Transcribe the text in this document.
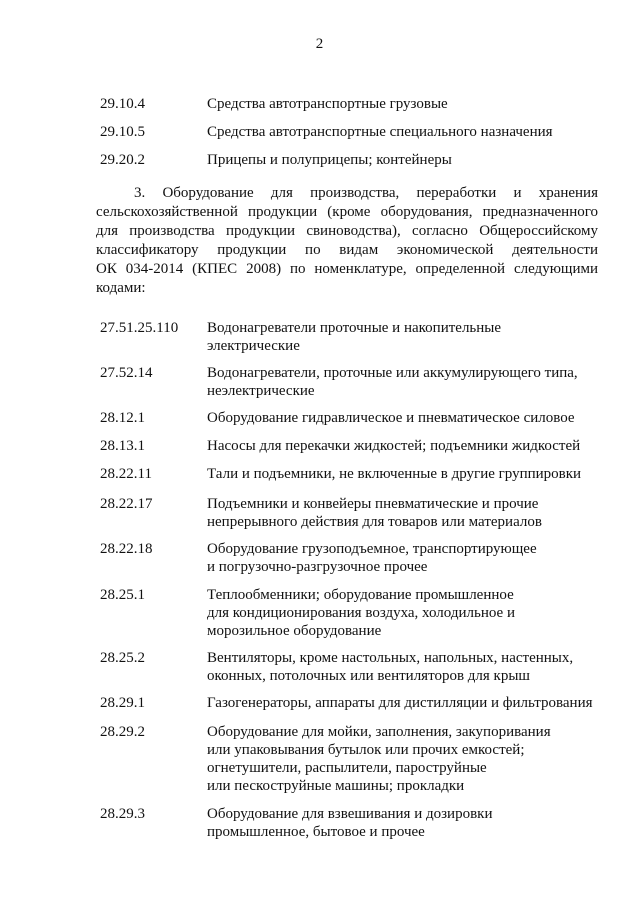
2
29.10.4	Средства автотранспортные грузовые
29.10.5	Средства автотранспортные специального назначения
29.20.2	Прицепы и полуприцепы; контейнеры
3. Оборудование для производства, переработки и хранения
сельскохозяйственной продукции (кроме оборудования, предназначенного
для производства продукции свиноводства), согласно Общероссийскому
классификатору продукции по видам экономической деятельности
ОК 034-2014 (КПЕС 2008) по номенклатуре, определенной следующими
кодами:
27.51.25.110 Водонагреватели проточные и накопительные
электрические
27.52.14	Водонагреватели, проточные или аккумулирующего типа,
неэлектрические
28.12.1	Оборудование гидравлическое и пневматическое силовое
28.13.1	Насосы для перекачки жидкостей; подъемники жидкостей
28.22.11	Тали и подъемники, не включенные в другие группировки
28.22.17	Подъемники и конвейеры пневматические и прочие
непрерывного действия для товаров или материалов
28.22.18	Оборудование грузоподъемное, транспортирующее
и погрузочно-разгрузочное прочее
28.25.1	Теплообменники; оборудование промышленное
для кондиционирования воздуха, холодильное и
морозильное оборудование
28.25.2	Вентиляторы, кроме настольных, напольных, настенных,
оконных, потолочных или вентиляторов для крыш
28.29.1	Газогенераторы, аппараты для дистилляции и фильтрования
28.29.2	Оборудование для мойки, заполнения, закупоривания
или упаковывания бутылок или прочих емкостей;
огнетушители, распылители, пароструйные
или пескоструйные машины; прокладки
28.29.3	Оборудование для взвешивания и дозировки
промышленное, бытовое и прочее
